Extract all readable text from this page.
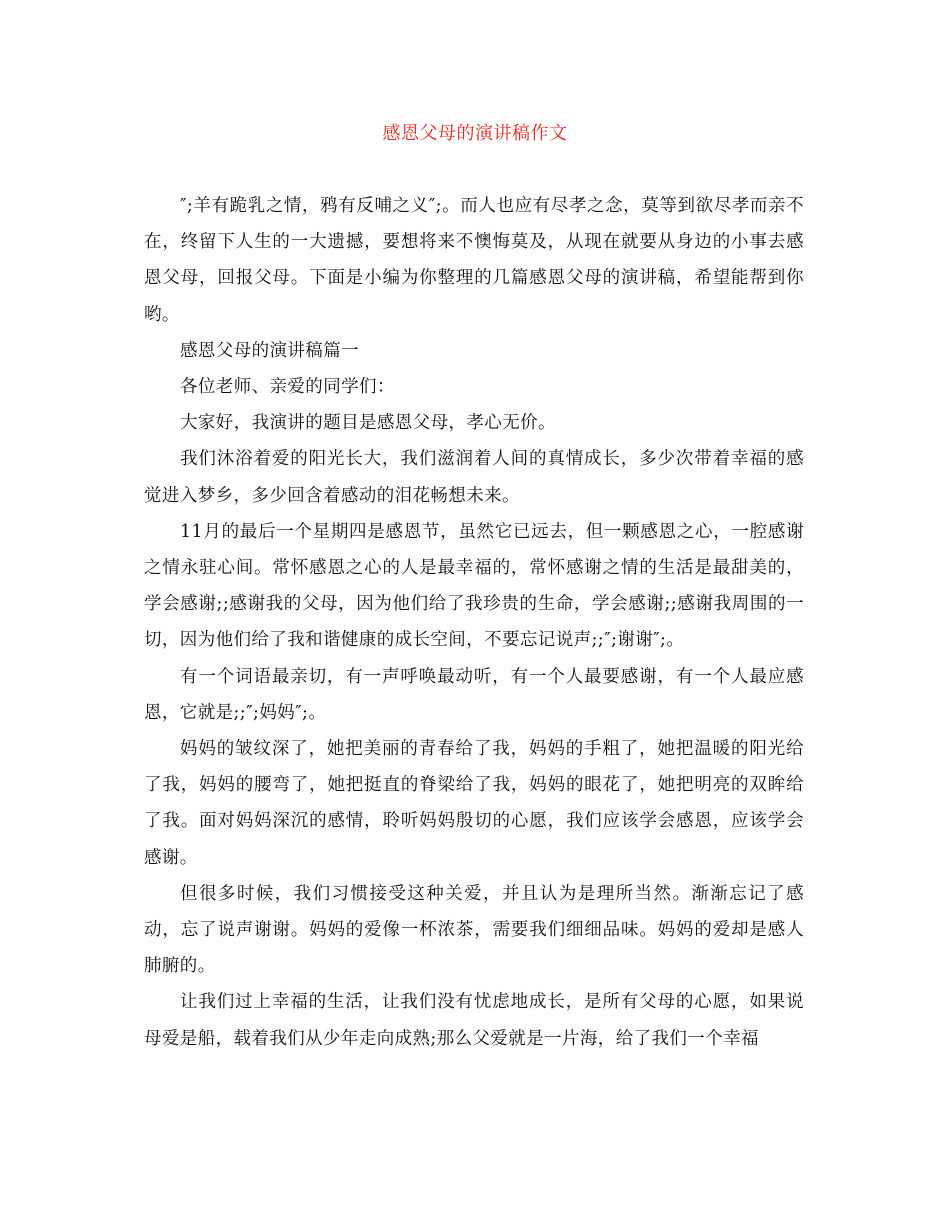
感恩父母的演讲稿作文

″;羊有跪乳之情，鸦有反哺之义″;。而人也应有尽孝之念，莫等到欲尽孝而亲不在，终留下人生的一大遗撼，要想将来不懊悔莫及，从现在就要从身边的小事去感恩父母，回报父母。下面是小编为你整理的几篇感恩父母的演讲稿，希望能帮到你哟。

感恩父母的演讲稿篇一

各位老师、亲爱的同学们：

大家好，我演讲的题目是感恩父母，孝心无价。

我们沐浴着爱的阳光长大，我们滋润着人间的真情成长，多少次带着幸福的感觉进入梦乡，多少回含着感动的泪花畅想未来。

11月的最后一个星期四是感恩节，虽然它已远去，但一颗感恩之心，一腔感谢之情永驻心间。常怀感恩之心的人是最幸福的，常怀感谢之情的生活是最甜美的，学会感谢;;感谢我的父母，因为他们给了我珍贵的生命，学会感谢;;感谢我周围的一切，因为他们给了我和谐健康的成长空间，不要忘记说声;;″;谢谢″;。

有一个词语最亲切，有一声呼唤最动听，有一个人最要感谢，有一个人最应感恩，它就是;;″;妈妈″;。

妈妈的皱纹深了，她把美丽的青春给了我，妈妈的手粗了，她把温暖的阳光给了我，妈妈的腰弯了，她把挺直的脊梁给了我，妈妈的眼花了，她把明亮的双眸给了我。面对妈妈深沉的感情，聆听妈妈殷切的心愿，我们应该学会感恩，应该学会感谢。

但很多时候，我们习惯接受这种关爱，并且认为是理所当然。渐渐忘记了感动，忘了说声谢谢。妈妈的爱像一杯浓茶，需要我们细细品味。妈妈的爱却是感人肺腑的。

让我们过上幸福的生活，让我们没有忧虑地成长，是所有父母的心愿，如果说母爱是船，载着我们从少年走向成熟;那么父爱就是一片海，给了我们一个幸福
